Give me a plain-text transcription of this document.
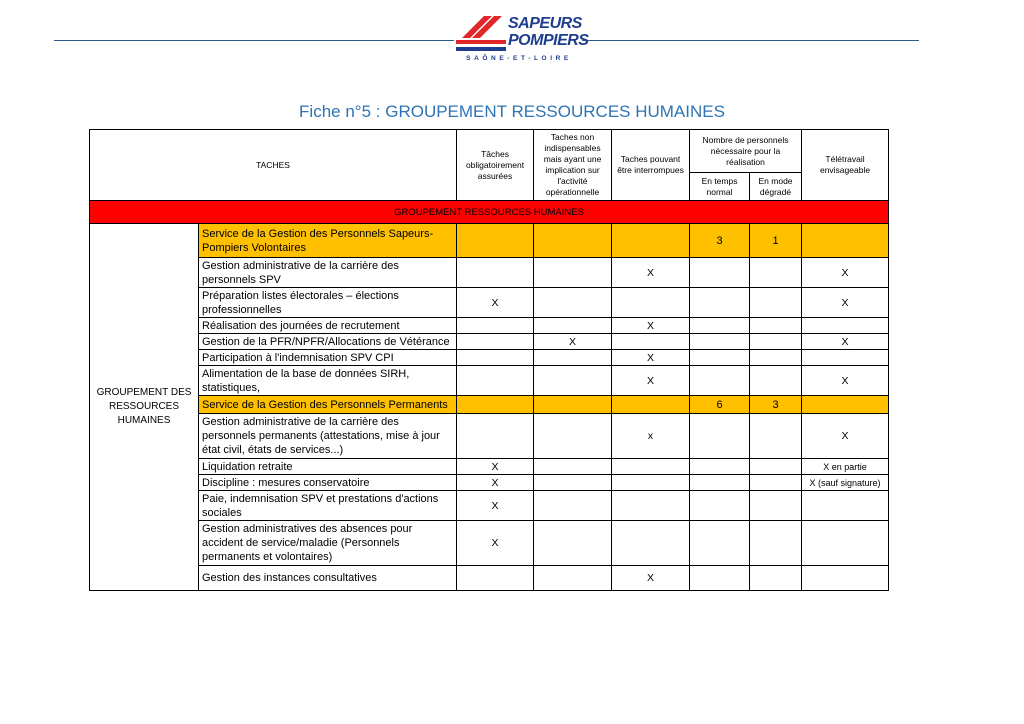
SAPEURS
POMPIERS
SAÔNE-ET-LOIRE
Fiche n°5 : GROUPEMENT RESSOURCES HUMAINES
TACHES		Tâches obligatoirement assurées	Taches non indispensables mais ayant une implication sur l'activité opérationnelle	Taches pouvant être interrompues	Nombre de personnels nécessaire pour la réalisation		Télétravail envisageable
					En temps normal	En mode dégradé	
GROUPEMENT RESSOURCES HUMAINES							
GROUPEMENT DES RESSOURCES HUMAINES	Service de la Gestion des Personnels Sapeurs-Pompiers Volontaires				3	1	
	Gestion administrative de la carrière des personnels SPV			X			X
	Préparation listes électorales – élections professionnelles	X					X
	Réalisation des journées de recrutement			X			
	Gestion de la PFR/NPFR/Allocations de Vétérance		X				X
	Participation à l'indemnisation SPV CPI			X			
	Alimentation de la base de données SIRH, statistiques,			X			X
	Service de la Gestion des Personnels Permanents				6	3	
	Gestion administrative de la carrière des personnels permanents (attestations, mise à jour état civil, états de services...)			x			X
	Liquidation retraite	X					X en partie
	Discipline : mesures conservatoire	X					X (sauf signature)
	Paie, indemnisation SPV et prestations d'actions sociales	X					
	Gestion administratives des absences pour accident de service/maladie (Personnels permanents et volontaires)	X					
	Gestion des instances consultatives			X			
